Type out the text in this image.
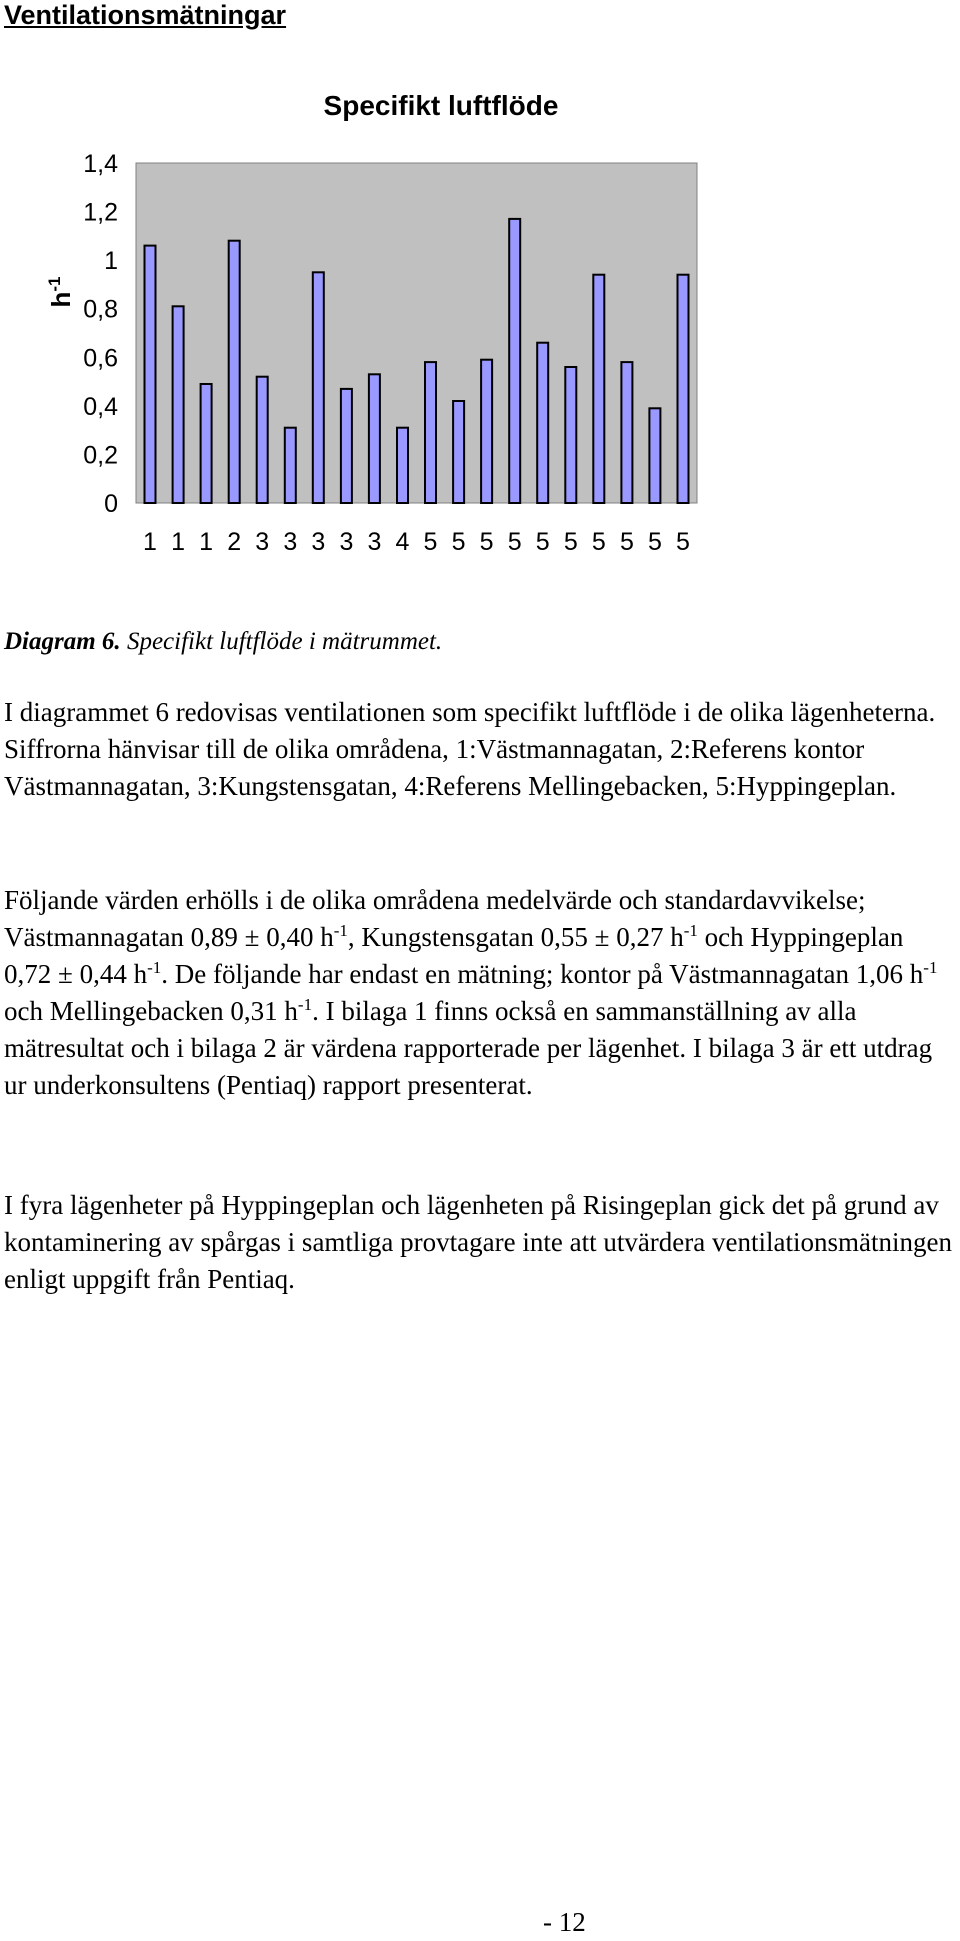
Ventilationsmätningar
Specifikt luftflöde
$h^{-1}$
0
0,2
0,4
0,6
0,8
1
1,2
1,4
1 1 1 2 3 3 3 3 3 4 5 5 5 5 5 5 5 5 5 5

Diagram 6. Specifikt luftflöde i mätrummet.

I diagrammet 6 redovisas ventilationen som specifikt luftflöde i de olika lägenheterna. Siffrorna hänvisar till de olika områdena, 1:Västmannagatan, 2:Referens kontor Västmannagatan, 3:Kungstensgatan, 4:Referens Mellingebacken, 5:Hyppingeplan.

Följande värden erhölls i de olika områdena medelvärde och standardavvikelse; Västmannagatan 0,89 ± 0,40 $h^{-1}$, Kungstensgatan 0,55 ± 0,27 $h^{-1}$ och Hyppingeplan 0,72 ± 0,44 $h^{-1}$. De följande har endast en mätning; kontor på Västmannagatan 1,06 $h^{-1}$ och Mellingebacken 0,31 $h^{-1}$. I bilaga 1 finns också en sammanställning av alla mätresultat och i bilaga 2 är värdena rapporterade per lägenhet. I bilaga 3 är ett utdrag ur underkonsultens (Pentiaq) rapport presenterat.

I fyra lägenheter på Hyppingeplan och lägenheten på Risingeplan gick det på grund av kontaminering av spårgas i samtliga provtagare inte att utvärdera ventilationsmätningen enligt uppgift från Pentiaq.

- 12
